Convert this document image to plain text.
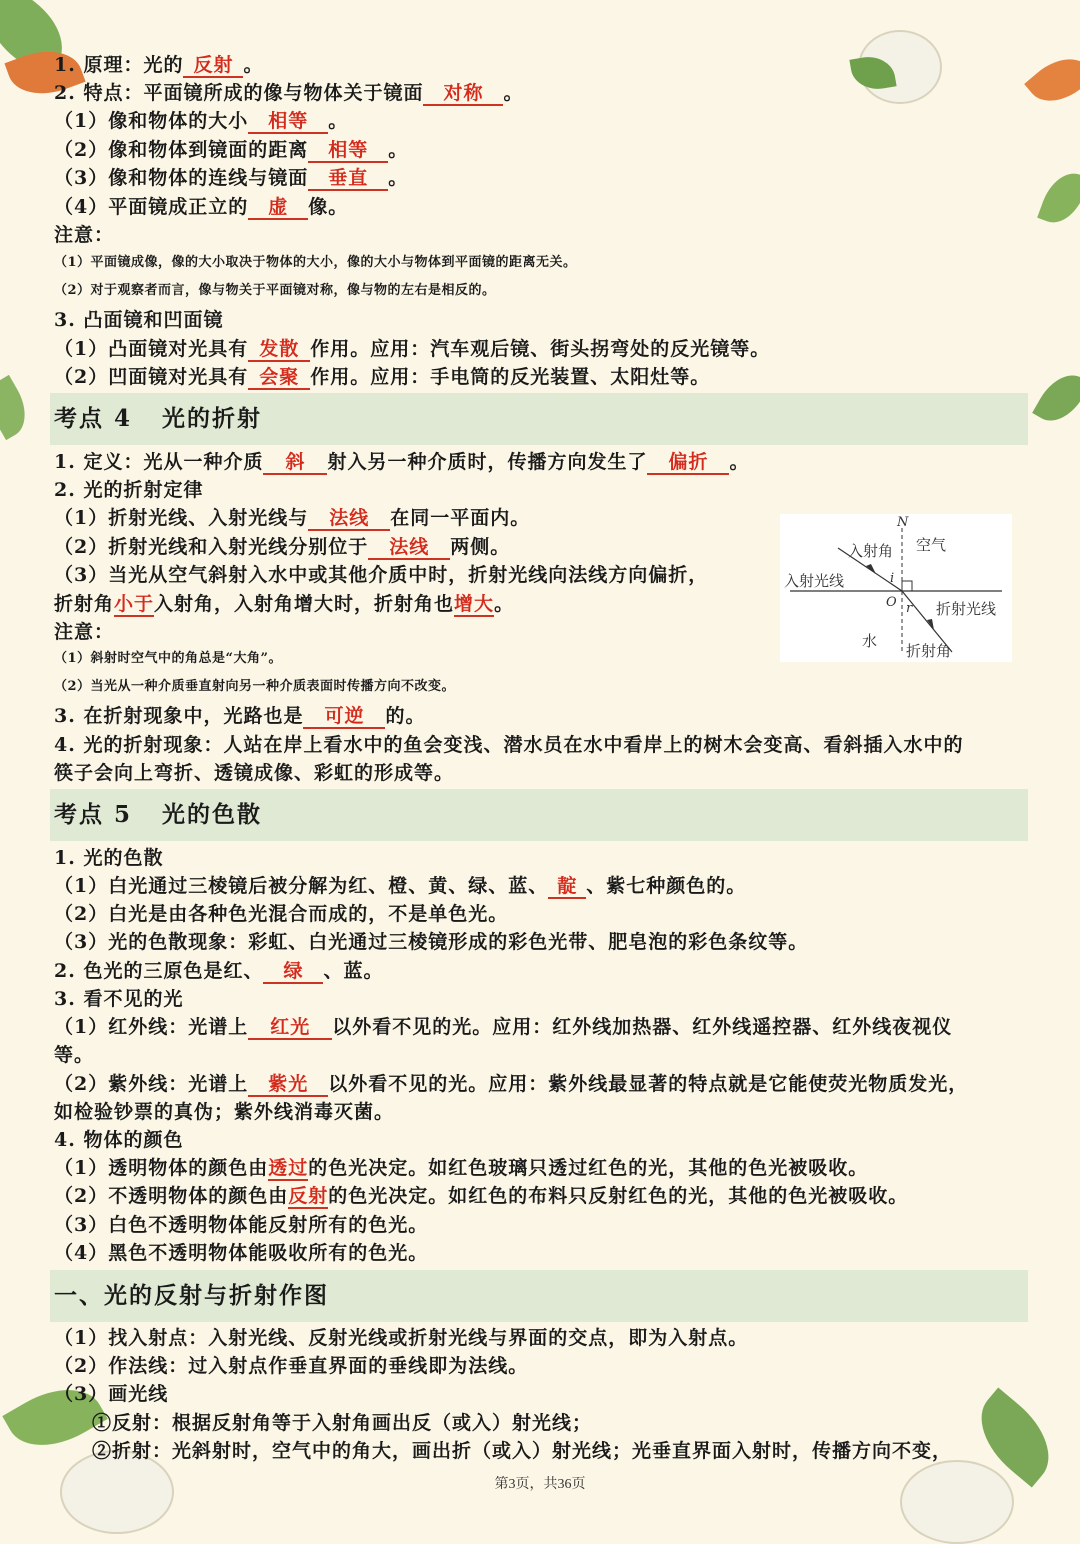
考点 4 光的折射
考点 5 光的色散
一、光的反射与折射作图
1. 原理：光的 反射 。
2. 特点：平面镜所成的像与物体关于镜面 对称 。
（1）像和物体的大小 相等 。
（2）像和物体到镜面的距离 相等 。
（3）像和物体的连线与镜面 垂直 。
（4）平面镜成正立的 虚 像。
注意：
（1）平面镜成像，像的大小取决于物体的大小，像的大小与物体到平面镜的距离无关。
（2）对于观察者而言，像与物关于平面镜对称，像与物的左右是相反的。
3. 凸面镜和凹面镜
（1）凸面镜对光具有 发散 作用。应用：汽车观后镜、街头拐弯处的反光镜等。
（2）凹面镜对光具有 会聚 作用。应用：手电筒的反光装置、太阳灶等。
1. 定义：光从一种介质 斜 射入另一种介质时，传播方向发生了 偏折 。
2. 光的折射定律
（1）折射光线、入射光线与 法线 在同一平面内。
（2）折射光线和入射光线分别位于 法线 两侧。
（3）当光从空气斜射入水中或其他介质中时，折射光线向法线方向偏折，
折射角小于入射角，入射角增大时，折射角也增大。
注意：
（1）斜射时空气中的角总是“大角”。
（2）当光从一种介质垂直射向另一种介质表面时传播方向不改变。
3. 在折射现象中，光路也是 可逆 的。
4. 光的折射现象：人站在岸上看水中的鱼会变浅、潜水员在水中看岸上的树木会变高、看斜插入水中的
筷子会向上弯折、透镜成像、彩虹的形成等。
1. 光的色散
（1）白光通过三棱镜后被分解为红、橙、黄、绿、蓝、 靛 、紫七种颜色的。
（2）白光是由各种色光混合而成的，不是单色光。
（3）光的色散现象：彩虹、白光通过三棱镜形成的彩色光带、肥皂泡的彩色条纹等。
2. 色光的三原色是红、 绿 、蓝。
3. 看不见的光
（1）红外线：光谱上 红光 以外看不见的光。应用：红外线加热器、红外线遥控器、红外线夜视仪
等。
（2）紫外线：光谱上 紫光 以外看不见的光。应用：紫外线最显著的特点就是它能使荧光物质发光，
如检验钞票的真伪；紫外线消毒灭菌。
4. 物体的颜色
（1）透明物体的颜色由透过的色光决定。如红色玻璃只透过红色的光，其他的色光被吸收。
（2）不透明物体的颜色由反射的色光决定。如红色的布料只反射红色的光，其他的色光被吸收。
（3）白色不透明物体能反射所有的色光。
（4）黑色不透明物体能吸收所有的色光。
（1）找入射点：入射光线、反射光线或折射光线与界面的交点，即为入射点。
（2）作法线：过入射点作垂直界面的垂线即为法线。
（3）画光线
①反射：根据反射角等于入射角画出反（或入）射光线；
②折射：光斜射时，空气中的角大，画出折（或入）射光线；光垂直界面入射时，传播方向不变，
N
空气
入射角
入射光线	i
O r 折射光线
水
折射角
第3页，共36页
